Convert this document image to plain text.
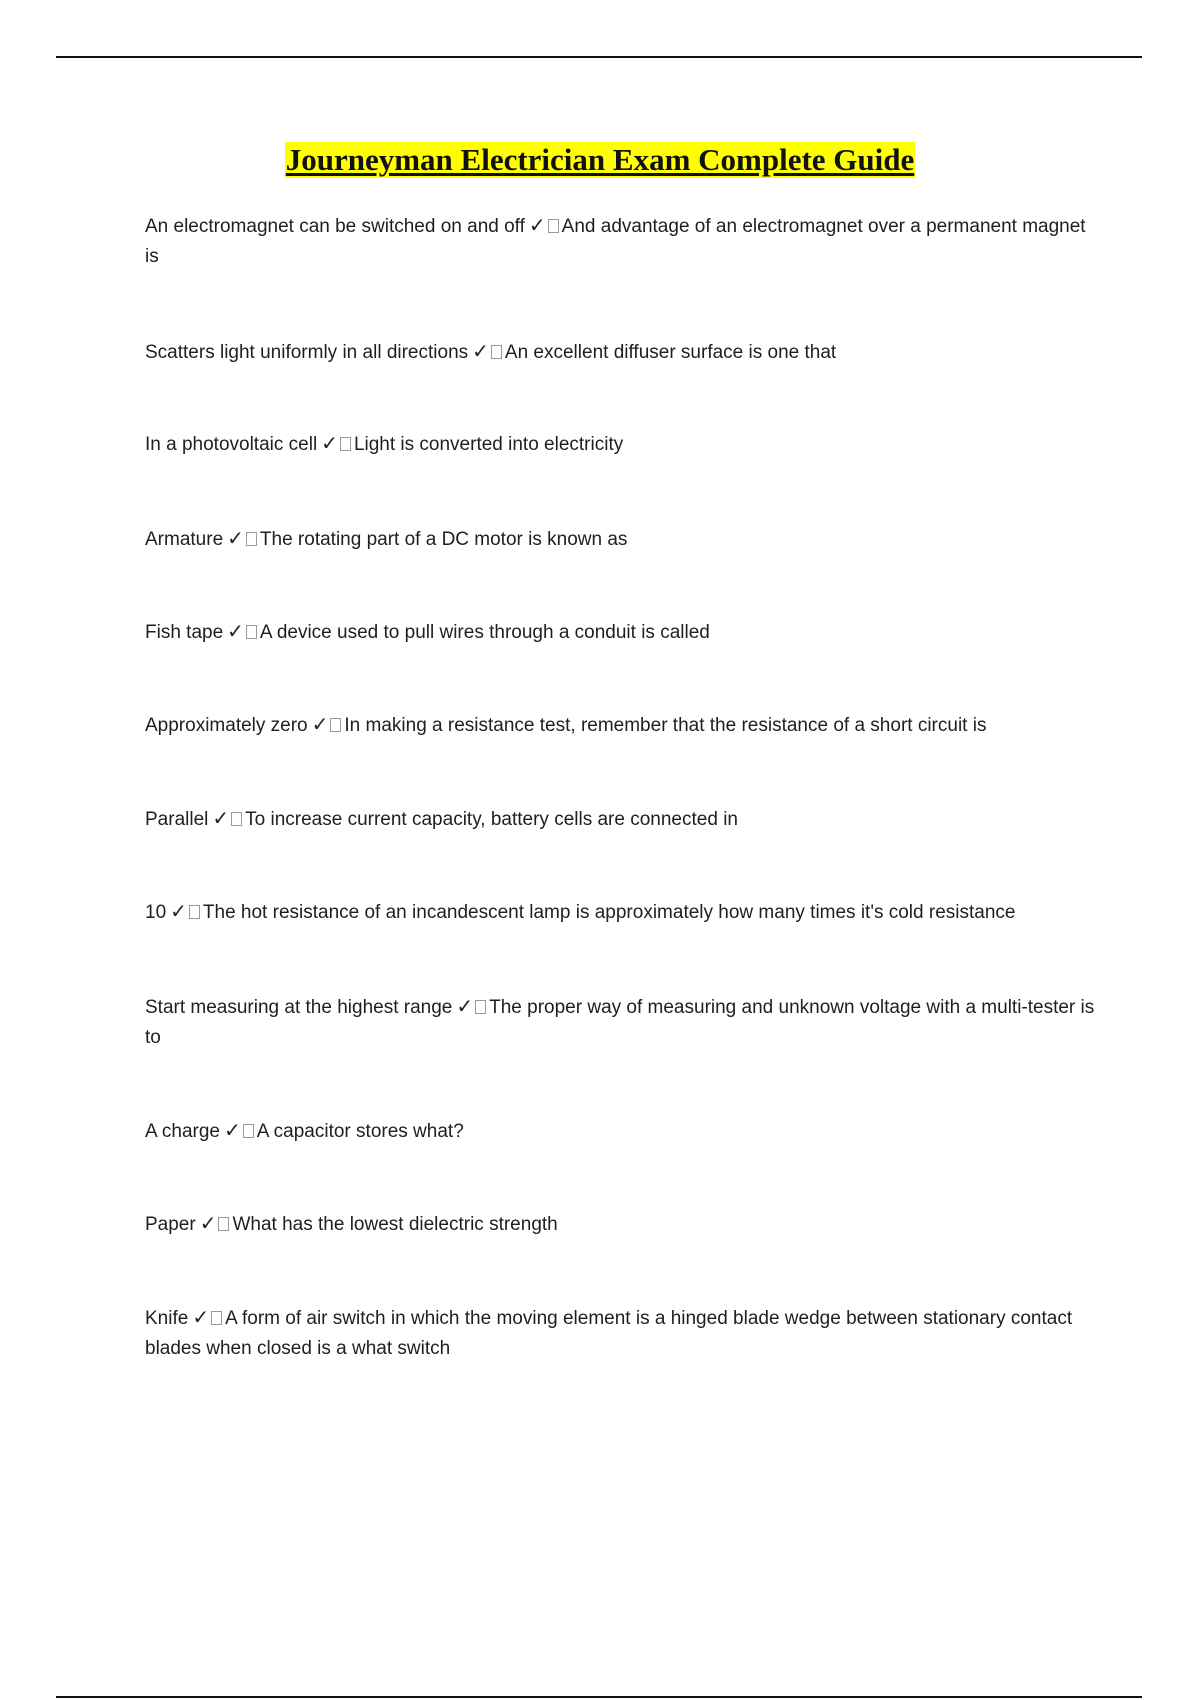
Journeyman Electrician Exam Complete Guide
An electromagnet can be switched on and off ✓ And advantage of an electromagnet over a permanent magnet is
Scatters light uniformly in all directions ✓ An excellent diffuser surface is one that
In a photovoltaic cell ✓ Light is converted into electricity
Armature ✓ The rotating part of a DC motor is known as
Fish tape ✓ A device used to pull wires through a conduit is called
Approximately zero ✓ In making a resistance test, remember that the resistance of a short circuit is
Parallel ✓ To increase current capacity, battery cells are connected in
10 ✓ The hot resistance of an incandescent lamp is approximately how many times it's cold resistance
Start measuring at the highest range ✓ The proper way of measuring and unknown voltage with a multi-tester is to
A charge ✓ A capacitor stores what?
Paper ✓ What has the lowest dielectric strength
Knife ✓ A form of air switch in which the moving element is a hinged blade wedge between stationary contact blades when closed is a what switch
